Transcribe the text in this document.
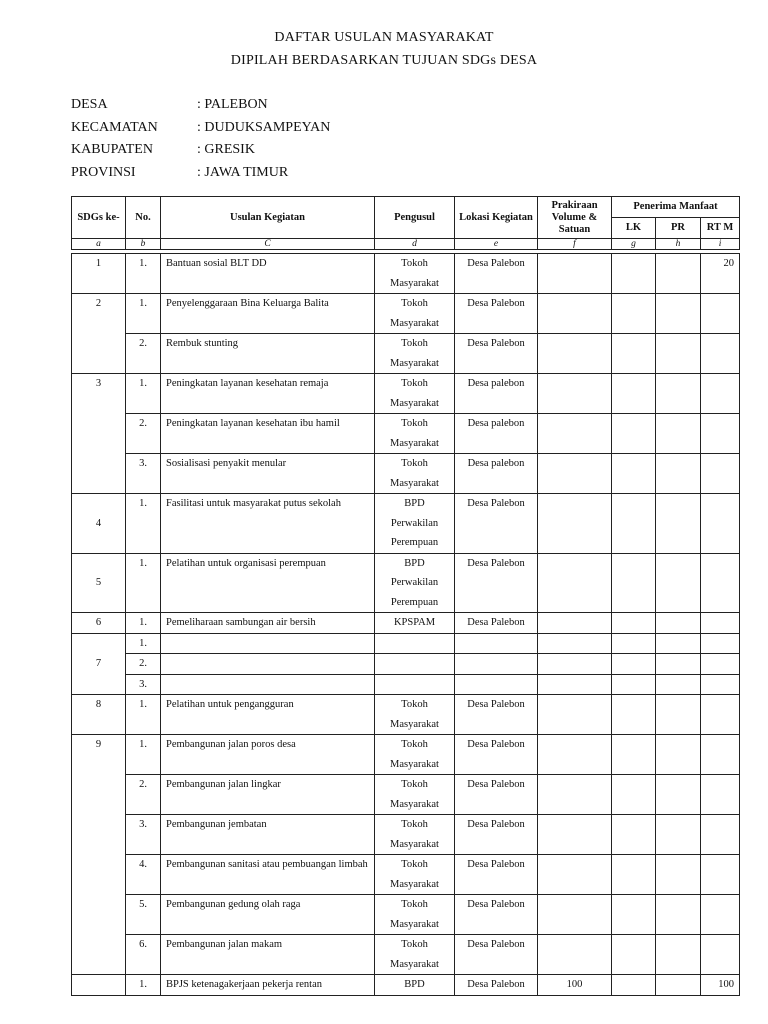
DAFTAR USULAN MASYARAKAT
DIPILAH BERDASARKAN TUJUAN SDGs DESA
DESA	: PALEBON
KECAMATAN	: DUDUKSAMPEYAN
KABUPATEN	: GRESIK
PROVINSI	: JAWA TIMUR
SDGs ke-	No.	Usulan Kegiatan	Pengusul	Lokasi Kegiatan	Prakiraan Volume & Satuan	Penerima Manfaat		
						LK	PR	RT M
a	b	C	d	e	f	g	h	i

1	1.	Bantuan sosial BLT DD	Tokoh Masyarakat	Desa Palebon				20
2	1.	Penyelenggaraan Bina Keluarga Balita	Tokoh Masyarakat	Desa Palebon				
	2.	Rembuk stunting	Tokoh Masyarakat	Desa Palebon				
3	1.	Peningkatan layanan kesehatan remaja	Tokoh Masyarakat	Desa palebon				
	2.	Peningkatan layanan kesehatan ibu hamil	Tokoh Masyarakat	Desa palebon				
	3.	Sosialisasi penyakit menular	Tokoh Masyarakat	Desa palebon				
4	1.	Fasilitasi untuk masyarakat putus sekolah	BPD Perwakilan Perempuan	Desa Palebon				
5	1.	Pelatihan untuk organisasi perempuan	BPD Perwakilan Perempuan	Desa Palebon				
6	1.	Pemeliharaan sambungan air bersih	KPSPAM	Desa Palebon				
7	1.							
	2.							
	3.							
8	1.	Pelatihan untuk pengangguran	Tokoh Masyarakat	Desa Palebon				
9	1.	Pembangunan jalan poros desa	Tokoh Masyarakat	Desa Palebon				
	2.	Pembangunan jalan lingkar	Tokoh Masyarakat	Desa Palebon				
	3.	Pembangunan jembatan	Tokoh Masyarakat	Desa Palebon				
	4.	Pembangunan sanitasi atau pembuangan limbah	Tokoh Masyarakat	Desa Palebon				
	5.	Pembangunan gedung olah raga	Tokoh Masyarakat	Desa Palebon				
	6.	Pembangunan jalan makam	Tokoh Masyarakat	Desa Palebon				
	1.	BPJS ketenagakerjaan pekerja rentan	BPD	Desa Palebon	100			100
